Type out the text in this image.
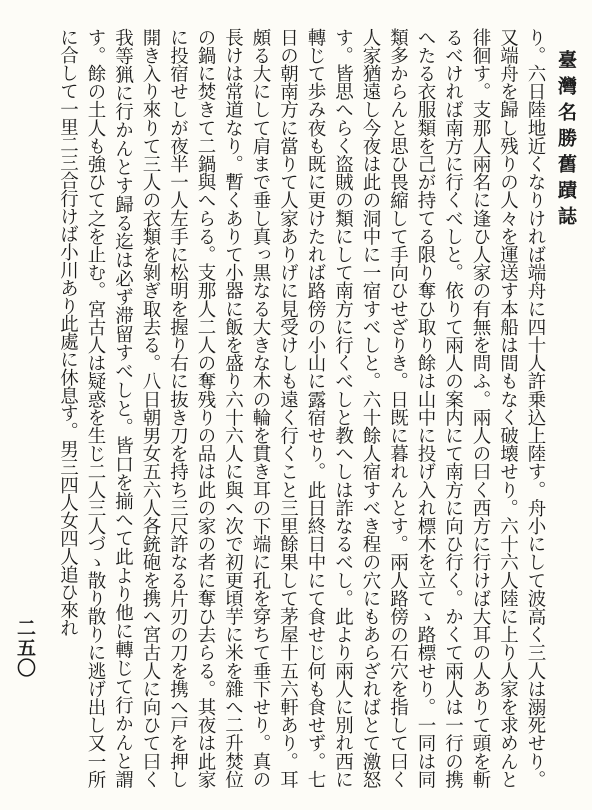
臺灣名勝舊蹟誌
二五〇	り。六日陸地近くなりければ端舟に四十人許乗込上陸す。舟小にして波高く三人は溺死せり。又端舟を歸し残りの人々を運送す本船は間もなく破壊せり。六十六人陸に上り人家を求めんと徘徊す。支那人兩名に逢ひ人家の有無を問ふ。兩人の曰く西方に行けば大耳の人ありて頭を斬るべければ南方に行くべしと。依りて兩人の案内にて南方に向ひ行く。かくて兩人は一行の携へたる衣服類を己が持てる限り奪ひ取り餘は山中に投げ入れ標木を立てゝ路標せり。一同は同類多からんと思ひ畏縮して手向ひせざりき。日既に暮れんとす。兩人路傍の石穴を指して曰く人家猶遠し今夜は此の洞中に一宿すべしと。六十餘人宿すべき程の穴にもあらざればとて激怒す。皆思へらく盗賊の類にして南方に行くべしと教へしは詐なるべし。此より兩人に別れ西に轉じて歩み夜も既に更けたれば路傍の小山に露宿せり。此日終日中にて食せじ何も食せず。七日の朝南方に當りて人家ありげに見受けしも遠く行くこと三里餘果して茅屋十五六軒あり。耳頗る大にして肩まで垂し真っ黒なる大きな木の輪を貫き耳の下端に孔を穿ちて垂下せり。真の長けは常道なり。暫くありて小器に飯を盛り六十六人に與へ次で初更頃芋に米を雜へ二升焚位の鍋に焚きて二鍋與へらる。支那人二人の奪残りの品は此の家の者に奪ひ去らる。其夜は此家に投宿せしが夜半一人左手に松明を握り右に抜き刀を持ち三尺許なる片刃の刀を携へ戸を押し開き入り來りて三人の衣類を剝ぎ取去る。八日朝男女五六人各銃砲を携へ宮古人に向ひて曰く我等猟に行かんとす歸る迄は必ず滞留すべしと。皆口を揃へて此より他に轉じて行かんと謂す。餘の土人も強ひて之を止む。宮古人は疑惑を生じ二人三人づゝ散り散りに逃げ出し又一所に合して一里二三合行けば小川あり此處に休息す。男三四人女四人追ひ來れ
